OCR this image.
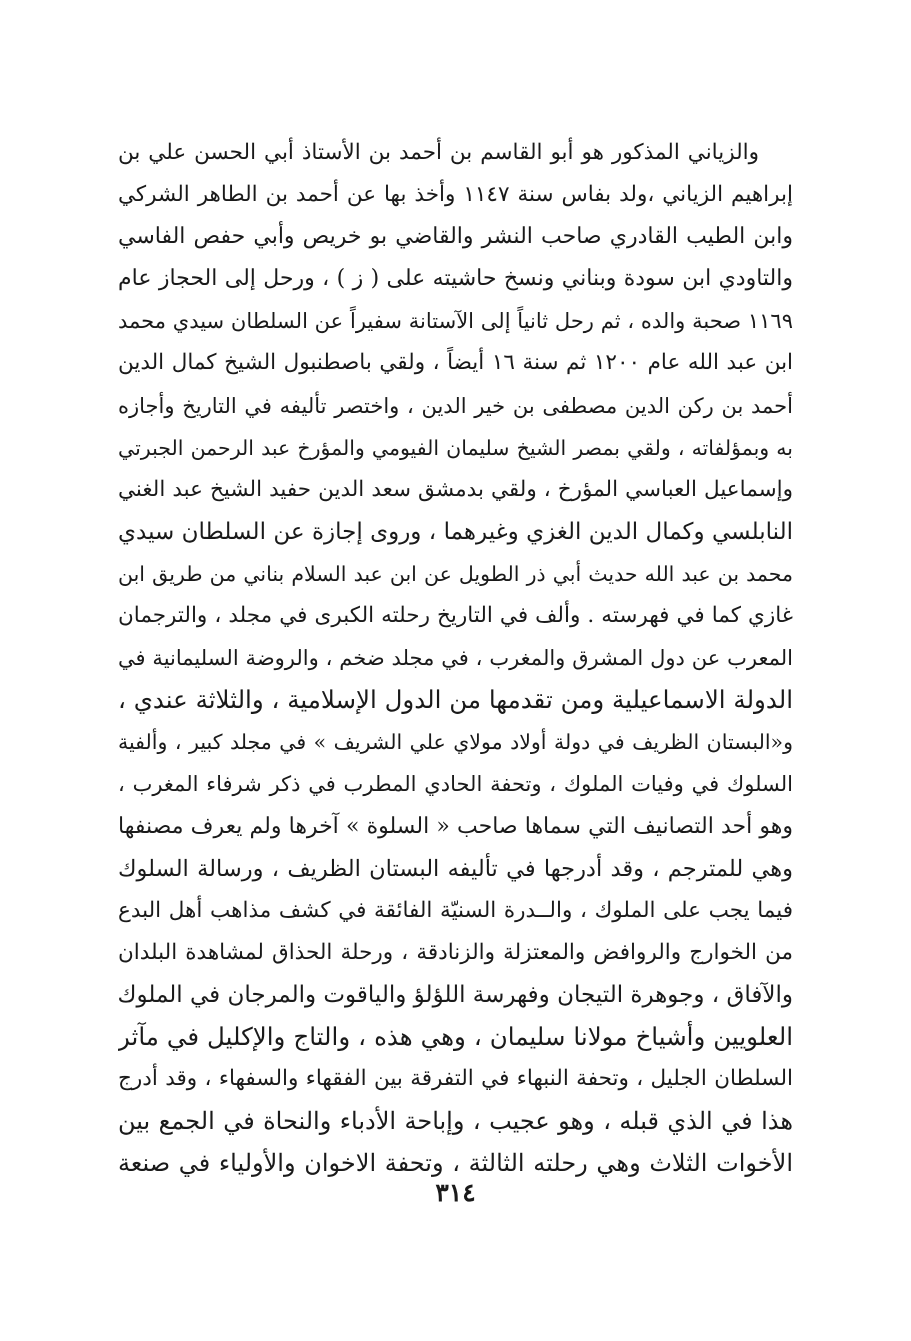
والزياني المذكور هو أبو القاسم بن أحمد بن الأستاذ أبي الحسن علي بن
إبراهيم الزياني ،ولد بفاس سنة ١١٤٧ وأخذ بها عن أحمد بن الطاهر الشركي
وابن الطيب القادري صاحب النشر والقاضي بو خريص وأبي حفص الفاسي
والتاودي ابن سودة وبناني ونسخ حاشيته على ( ز ) ، ورحل إلى الحجاز عام
١١٦٩ صحبة والده ، ثم رحل ثانياً إلى الآستانة سفيراً عن السلطان سيدي محمد
ابن عبد الله عام ١٢٠٠ ثم سنة ١٦ أيضاً ، ولقي باصطنبول الشيخ كمال الدين
أحمد بن ركن الدين مصطفى بن خير الدين ، واختصر تأليفه في التاريخ وأجازه
به وبمؤلفاته ، ولقي بمصر الشيخ سليمان الفيومي والمؤرخ عبد الرحمن الجبرتي
وإسماعيل العباسي المؤرخ ، ولقي بدمشق سعد الدين حفيد الشيخ عبد الغني
النابلسي وكمال الدين الغزي وغيرهما ، وروى إجازة عن السلطان سيدي
محمد بن عبد الله حديث أبي ذر الطويل عن ابن عبد السلام بناني من طريق ابن
غازي كما في فهرسته . وألف في التاريخ رحلته الكبرى في مجلد ، والترجمان
المعرب عن دول المشرق والمغرب ، في مجلد ضخم ، والروضة السليمانية في
الدولة الاسماعيلية ومن تقدمها من الدول الإسلامية ، والثلاثة عندي ،
و«البستان الظريف في دولة أولاد مولاي علي الشريف » في مجلد كبير ، وألفية
السلوك في وفيات الملوك ، وتحفة الحادي المطرب في ذكر شرفاء المغرب ،
وهو أحد التصانيف التي سماها صاحب « السلوة » آخرها ولم يعرف مصنفها
وهي للمترجم ، وقد أدرجها في تأليفه البستان الظريف ، ورسالة السلوك
فيما يجب على الملوك ، والــدرة السنيّة الفائقة في كشف مذاهب أهل البدع
من الخوارج والروافض والمعتزلة والزنادقة ، ورحلة الحذاق لمشاهدة البلدان
والآفاق ، وجوهرة التيجان وفهرسة اللؤلؤ والياقوت والمرجان في الملوك
العلويين وأشياخ مولانا سليمان ، وهي هذه ، والتاج والإكليل في مآثر
السلطان الجليل ، وتحفة النبهاء في التفرقة بين الفقهاء والسفهاء ، وقد أدرج
هذا في الذي قبله ، وهو عجيب ، وإباحة الأدباء والنحاة في الجمع بين
الأخوات الثلاث وهي رحلته الثالثة ، وتحفة الاخوان والأولياء في صنعة
٣١٤
